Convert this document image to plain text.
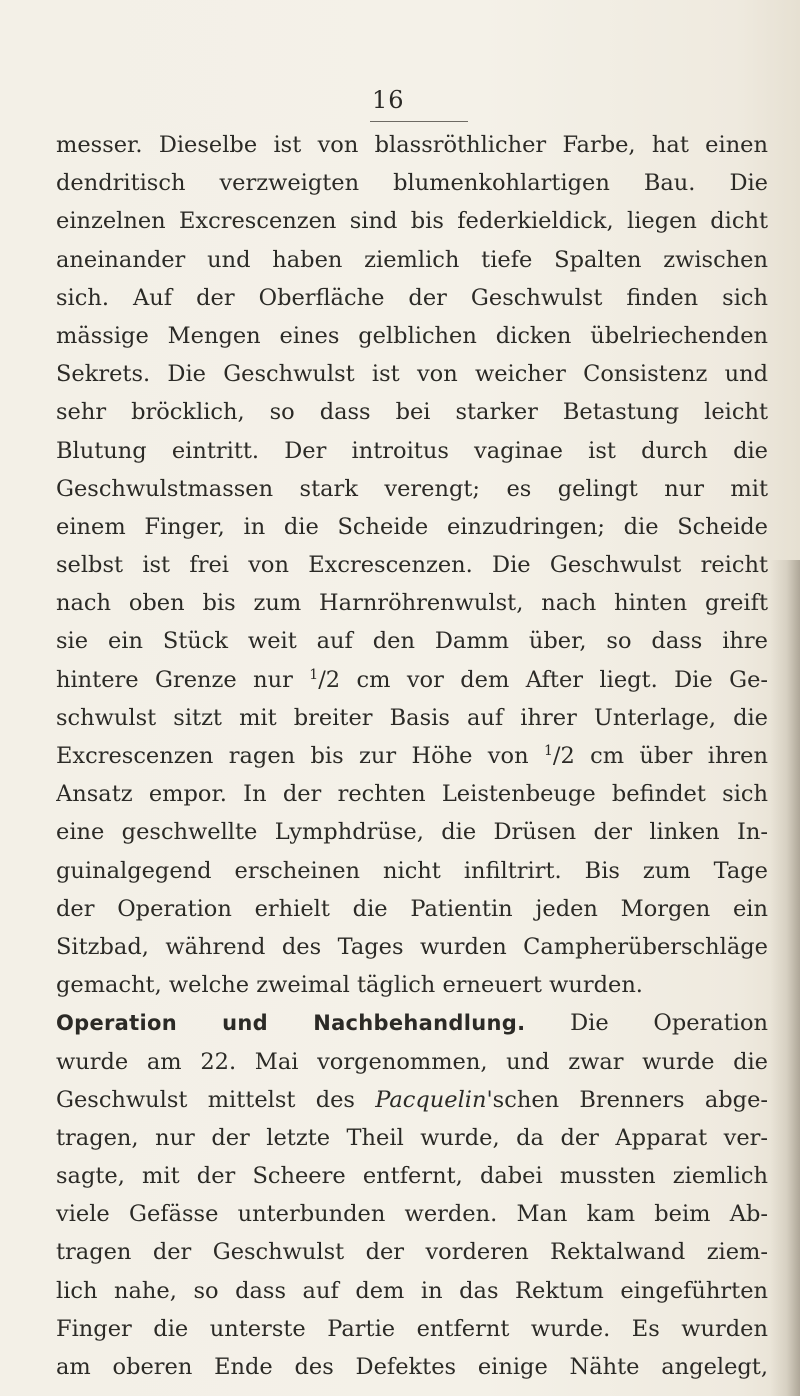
16
messer. Dieselbe ist von blassröthlicher Farbe, hat einen
dendritisch verzweigten blumenkohlartigen Bau. Die
einzelnen Excrescenzen sind bis federkieldick, liegen dicht
aneinander und haben ziemlich tiefe Spalten zwischen
sich. Auf der Oberfläche der Geschwulst finden sich
mässige Mengen eines gelblichen dicken übelriechenden
Sekrets. Die Geschwulst ist von weicher Consistenz und
sehr bröcklich, so dass bei starker Betastung leicht
Blutung eintritt. Der introitus vaginae ist durch die
Geschwulstmassen stark verengt; es gelingt nur mit
einem Finger, in die Scheide einzudringen; die Scheide
selbst ist frei von Excrescenzen. Die Geschwulst reicht
nach oben bis zum Harnröhrenwulst, nach hinten greift
sie ein Stück weit auf den Damm über, so dass ihre
hintere Grenze nur $^1$/2 cm vor dem After liegt. Die Ge-
schwulst sitzt mit breiter Basis auf ihrer Unterlage, die
Excrescenzen ragen bis zur Höhe von $^1$/2 cm über ihren
Ansatz empor. In der rechten Leistenbeuge befindet sich
eine geschwellte Lymphdrüse, die Drüsen der linken In-
guinalgegend erscheinen nicht infiltrirt. Bis zum Tage
der Operation erhielt die Patientin jeden Morgen ein
Sitzbad, während des Tages wurden Campherüberschläge
gemacht, welche zweimal täglich erneuert wurden.
Operation und Nachbehandlung. Die Operation
wurde am 22. Mai vorgenommen, und zwar wurde die
Geschwulst mittelst des Pacquelin'schen Brenners abge-
tragen, nur der letzte Theil wurde, da der Apparat ver-
sagte, mit der Scheere entfernt, dabei mussten ziemlich
viele Gefässe unterbunden werden. Man kam beim Ab-
tragen der Geschwulst der vorderen Rektalwand ziem-
lich nahe, so dass auf dem in das Rektum eingeführten
Finger die unterste Partie entfernt wurde. Es wurden
am oberen Ende des Defektes einige Nähte angelegt,
